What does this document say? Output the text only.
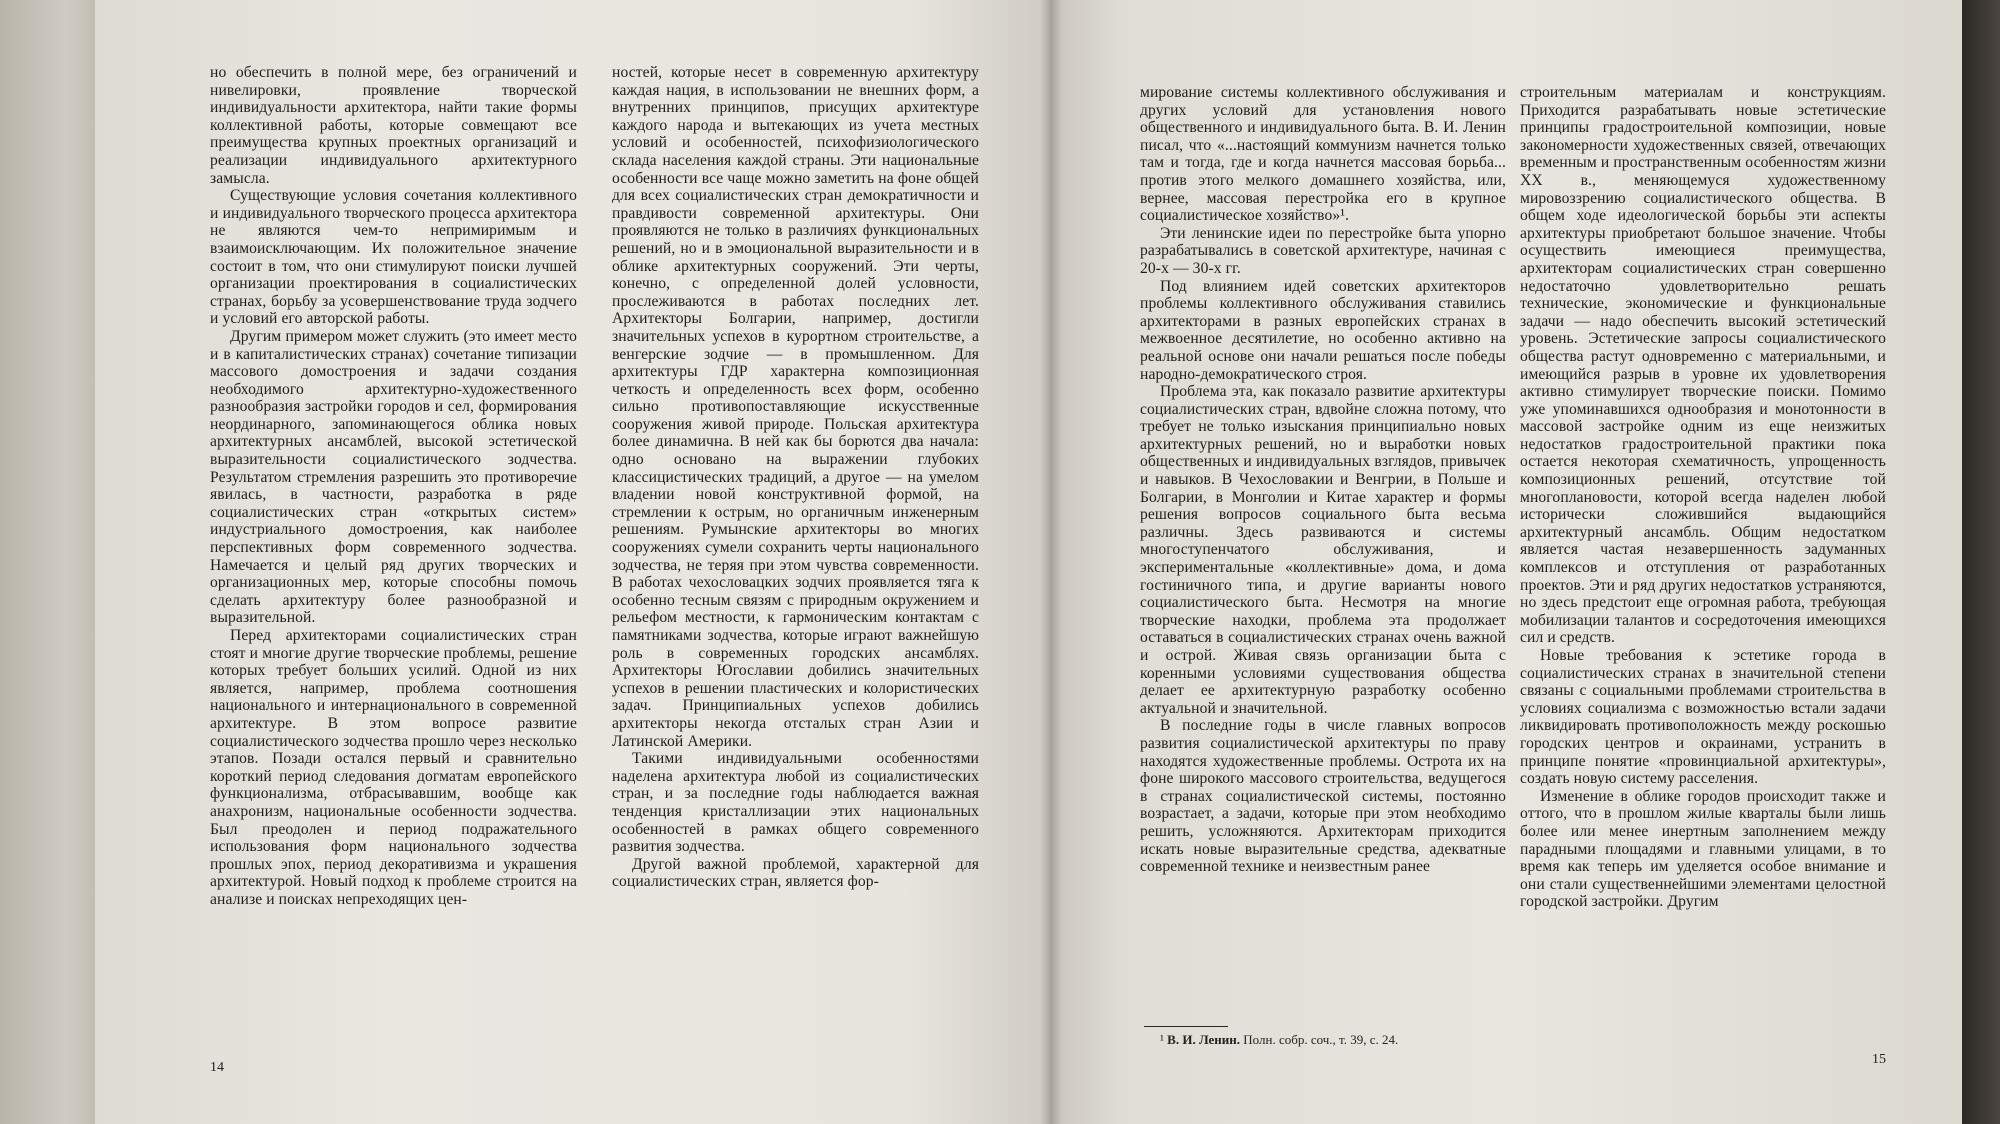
но обеспечить в полной мере, без ограничений и нивелировки, проявление творческой индивидуальности архитектора, найти такие формы коллективной работы, которые совмещают все преимущества крупных проектных организаций и реализации индивидуального архитектурного замысла.

Существующие условия сочетания коллективного и индивидуального творческого процесса архитектора не являются чем-то непримиримым и взаимоисключающим. Их положительное значение состоит в том, что они стимулируют поиски лучшей организации проектирования в социалистических странах, борьбу за усовершенствование труда зодчего и условий его авторской работы.

Другим примером может служить (это имеет место и в капиталистических странах) сочетание типизации массового домостроения и задачи создания необходимого архитектурно-художественного разнообразия застройки городов и сел, формирования неординарного, запоминающегося облика новых архитектурных ансамблей, высокой эстетической выразительности социалистического зодчества. Результатом стремления разрешить это противоречие явилась, в частности, разработка в ряде социалистических стран «открытых систем» индустриального домостроения, как наиболее перспективных форм современного зодчества. Намечается и целый ряд других творческих и организационных мер, которые способны помочь сделать архитектуру более разнообразной и выразительной.

Перед архитекторами социалистических стран стоят и многие другие творческие проблемы, решение которых требует больших усилий. Одной из них является, например, проблема соотношения национального и интернационального в современной архитектуре. В этом вопросе развитие социалистического зодчества прошло через несколько этапов. Позади остался первый и сравнительно короткий период следования догматам европейского функционализма, отбрасывавшим, вообще как анахронизм, национальные особенности зодчества. Был преодолен и период подражательного использования форм национального зодчества прошлых эпох, период декоративизма и украшения архитектурой. Новый подход к проблеме строится на анализе и поисках непреходящих цен-

ностей, которые несет в современную архитектуру каждая нация, в использовании не внешних форм, а внутренних принципов, присущих архитектуре каждого народа и вытекающих из учета местных условий и особенностей, психофизиологического склада населения каждой страны. Эти национальные особенности все чаще можно заметить на фоне общей для всех социалистических стран демократичности и правдивости современной архитектуры. Они проявляются не только в различиях функциональных решений, но и в эмоциональной выразительности и в облике архитектурных сооружений. Эти черты, конечно, с определенной долей условности, прослеживаются в работах последних лет. Архитекторы Болгарии, например, достигли значительных успехов в курортном строительстве, а венгерские зодчие — в промышленном. Для архитектуры ГДР характерна композиционная четкость и определенность всех форм, особенно сильно противопоставляющие искусственные сооружения живой природе. Польская архитектура более динамична. В ней как бы борются два начала: одно основано на выражении глубоких классицистических традиций, а другое — на умелом владении новой конструктивной формой, на стремлении к острым, но органичным инженерным решениям. Румынские архитекторы во многих сооружениях сумели сохранить черты национального зодчества, не теряя при этом чувства современности. В работах чехословацких зодчих проявляется тяга к особенно тесным связям с природным окружением и рельефом местности, к гармоническим контактам с памятниками зодчества, которые играют важнейшую роль в современных городских ансамблях. Архитекторы Югославии добились значительных успехов в решении пластических и колористических задач. Принципиальных успехов добились архитекторы некогда отсталых стран Азии и Латинской Америки.

Такими индивидуальными особенностями наделена архитектура любой из социалистических стран, и за последние годы наблюдается важная тенденция кристаллизации этих национальных особенностей в рамках общего современного развития зодчества.

Другой важной проблемой, характерной для социалистических стран, является фор-

мирование системы коллективного обслуживания и других условий для установления нового общественного и индивидуального быта. В. И. Ленин писал, что «...настоящий коммунизм начнется только там и тогда, где и когда начнется массовая борьба... против этого мелкого домашнего хозяйства, или, вернее, массовая перестройка его в крупное социалистическое хозяйство»¹.

Эти ленинские идеи по перестройке быта упорно разрабатывались в советской архитектуре, начиная с 20-х — 30-х гг.

Под влиянием идей советских архитекторов проблемы коллективного обслуживания ставились архитекторами в разных европейских странах в межвоенное десятилетие, но особенно активно на реальной основе они начали решаться после победы народно-демократического строя.

Проблема эта, как показало развитие архитектуры социалистических стран, вдвойне сложна потому, что требует не только изыскания принципиально новых архитектурных решений, но и выработки новых общественных и индивидуальных взглядов, привычек и навыков. В Чехословакии и Венгрии, в Польше и Болгарии, в Монголии и Китае характер и формы решения вопросов социального быта весьма различны. Здесь развиваются и системы многоступенчатого обслуживания, и экспериментальные «коллективные» дома, и дома гостиничного типа, и другие варианты нового социалистического быта. Несмотря на многие творческие находки, проблема эта продолжает оставаться в социалистических странах очень важной и острой. Живая связь организации быта с коренными условиями существования общества делает ее архитектурную разработку особенно актуальной и значительной.

В последние годы в числе главных вопросов развития социалистической архитектуры по праву находятся художественные проблемы. Острота их на фоне широкого массового строительства, ведущегося в странах социалистической системы, постоянно возрастает, а задачи, которые при этом необходимо решить, усложняются. Архитекторам приходится искать новые выразительные средства, адекватные современной технике и неизвестным ранее

строительным материалам и конструкциям. Приходится разрабатывать новые эстетические принципы градостроительной композиции, новые закономерности художественных связей, отвечающих временным и пространственным особенностям жизни XX в., меняющемуся художественному мировоззрению социалистического общества. В общем ходе идеологической борьбы эти аспекты архитектуры приобретают большое значение. Чтобы осуществить имеющиеся преимущества, архитекторам социалистических стран совершенно недостаточно удовлетворительно решать технические, экономические и функциональные задачи — надо обеспечить высокий эстетический уровень. Эстетические запросы социалистического общества растут одновременно с материальными, и имеющийся разрыв в уровне их удовлетворения активно стимулирует творческие поиски. Помимо уже упоминавшихся однообразия и монотонности в массовой застройке одним из еще неизжитых недостатков градостроительной практики пока остается некоторая схематичность, упрощенность композиционных решений, отсутствие той многоплановости, которой всегда наделен любой исторически сложившийся выдающийся архитектурный ансамбль. Общим недостатком является частая незавершенность задуманных комплексов и отступления от разработанных проектов. Эти и ряд других недостатков устраняются, но здесь предстоит еще огромная работа, требующая мобилизации талантов и сосредоточения имеющихся сил и средств.

Новые требования к эстетике города в социалистических странах в значительной степени связаны с социальными проблемами строительства в условиях социализма с возможностью встали задачи ликвидировать противоположность между роскошью городских центров и окраинами, устранить в принципе понятие «провинциальной архитектуры», создать новую систему расселения.

Изменение в облике городов происходит также и оттого, что в прошлом жилые кварталы были лишь более или менее инертным заполнением между парадными площадями и главными улицами, в то время как теперь им уделяется особое внимание и они стали существеннейшими элементами целостной городской застройки. Другим

¹ В. И. Ленин. Полн. собр. соч., т. 39, с. 24.
14
15
